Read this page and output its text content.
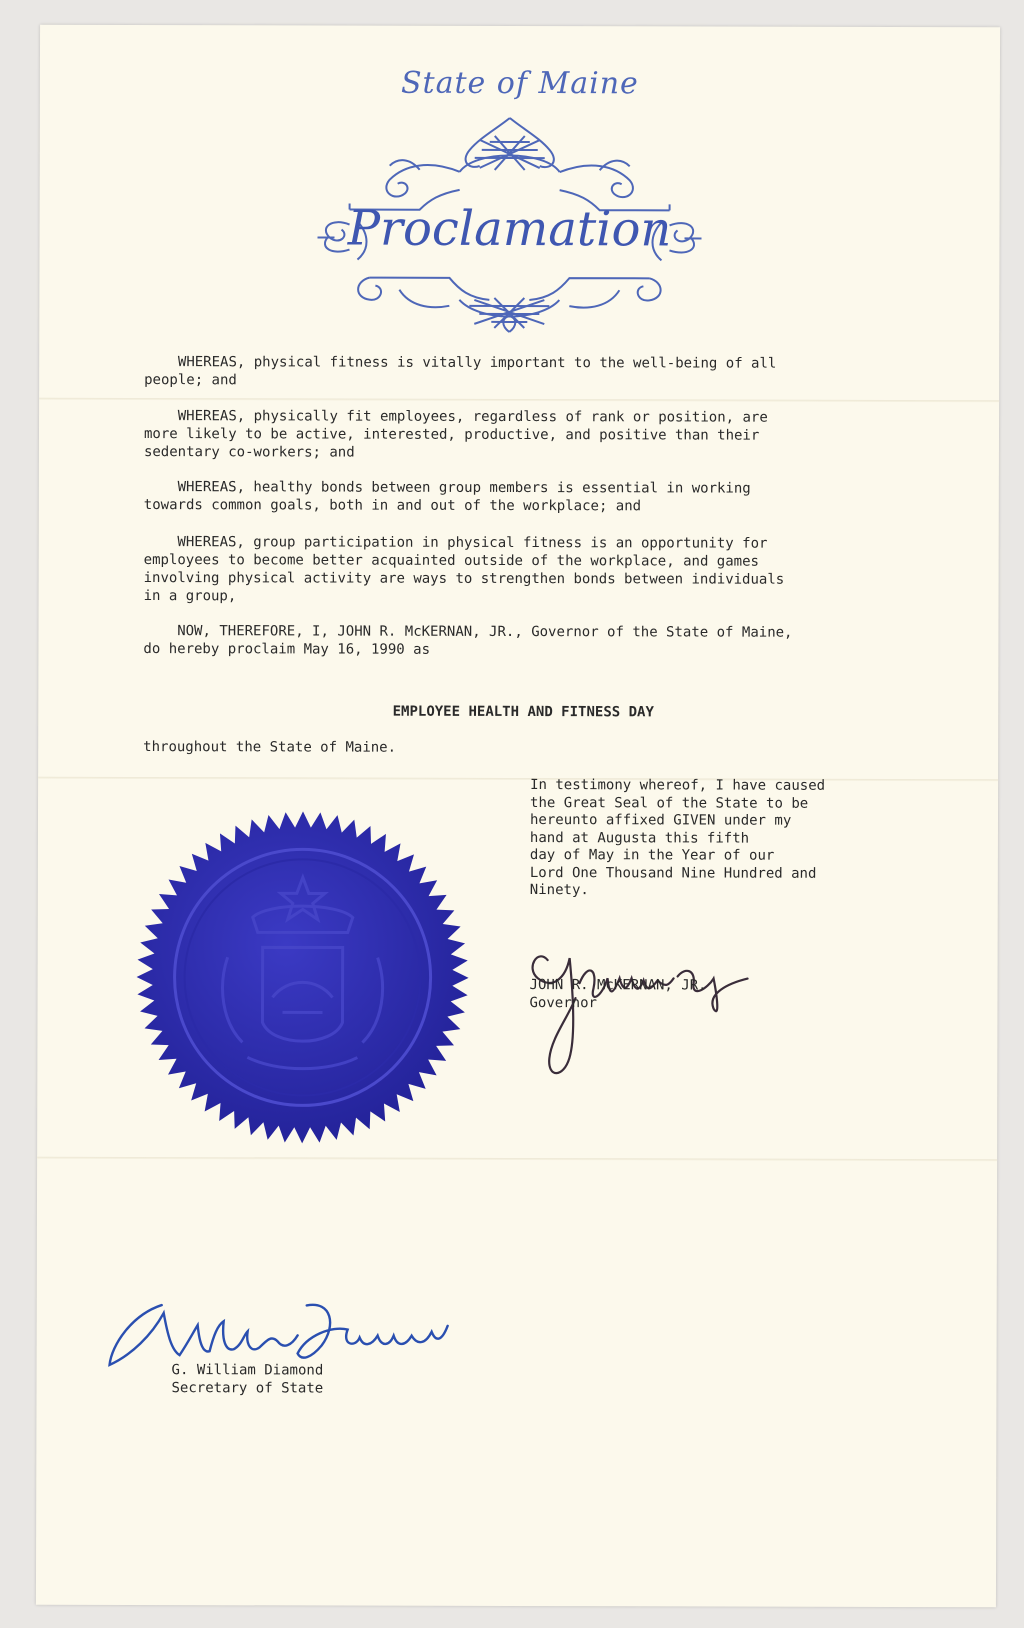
State of Maine
Proclamation
WHEREAS, physical fitness is vitally important to the well-being of all
people; and
WHEREAS, physically fit employees, regardless of rank or position, are
more likely to be active, interested, productive, and positive than their
sedentary co-workers; and
WHEREAS, healthy bonds between group members is essential in working
towards common goals, both in and out of the workplace; and
WHEREAS, group participation in physical fitness is an opportunity for
employees to become better acquainted outside of the workplace, and games
involving physical activity are ways to strengthen bonds between individuals
in a group,
NOW, THEREFORE, I, JOHN R. McKERNAN, JR., Governor of the State of Maine,
do hereby proclaim May 16, 1990 as
EMPLOYEE HEALTH AND FITNESS DAY
throughout the State of Maine.
In testimony whereof, I have caused
the Great Seal of the State to be
hereunto affixed GIVEN under my
hand at Augusta this fifth
day of May in the Year of our
Lord One Thousand Nine Hundred and
Ninety.
JOHN R. McKERNAN, JR.
Governor
G. William Diamond
Secretary of State
